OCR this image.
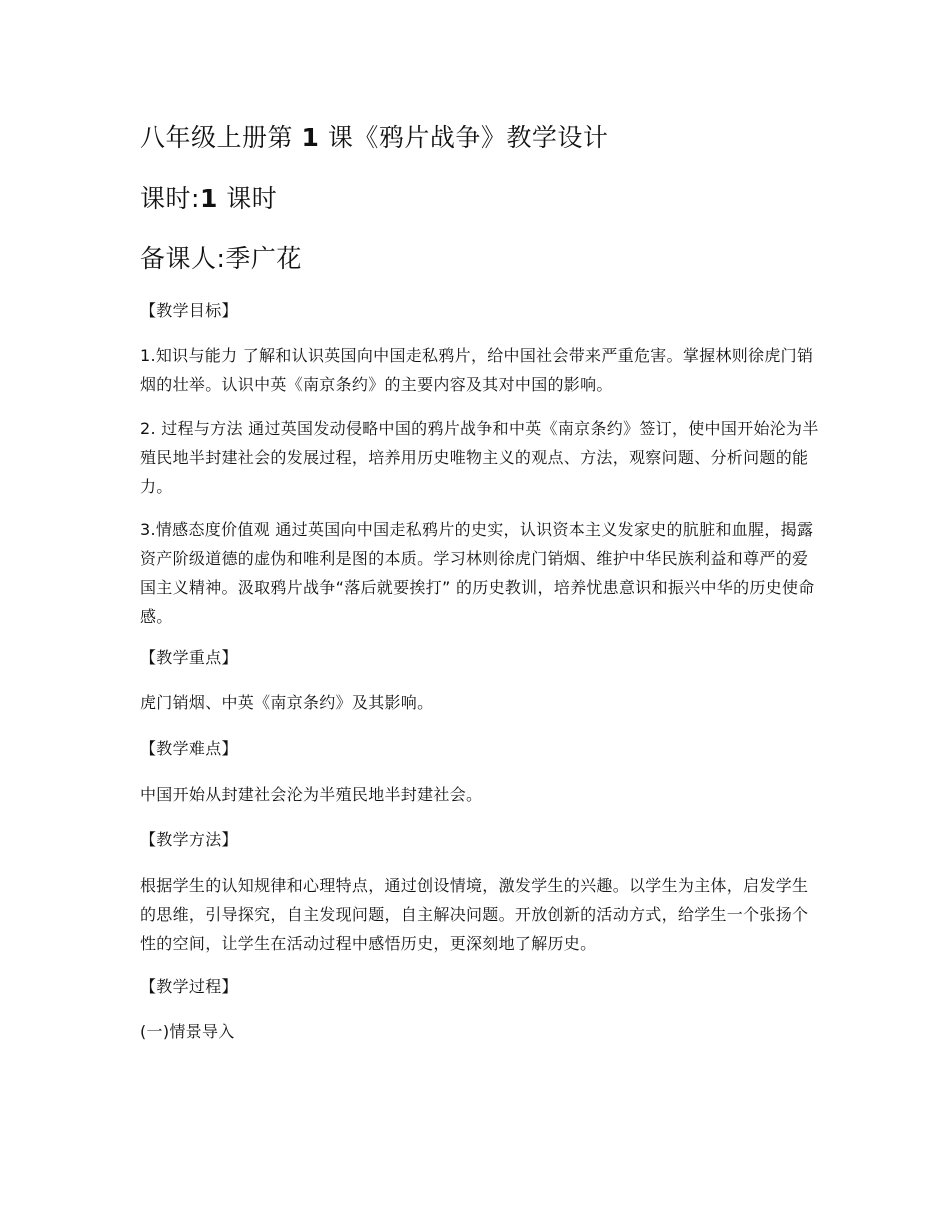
八年级上册第 1 课《鸦片战争》教学设计
课时:1 课时
备课人:季广花
【教学目标】
1.知识与能力 了解和认识英国向中国走私鸦片，给中国社会带来严重危害。掌握林则徐虎门销烟的壮举。认识中英《南京条约》的主要内容及其对中国的影响。
2. 过程与方法 通过英国发动侵略中国的鸦片战争和中英《南京条约》签订，使中国开始沦为半殖民地半封建社会的发展过程，培养用历史唯物主义的观点、方法，观察问题、分析问题的能力。
3.情感态度价值观 通过英国向中国走私鸦片的史实，认识资本主义发家史的肮脏和血腥，揭露资产阶级道德的虚伪和唯利是图的本质。学习林则徐虎门销烟、维护中华民族利益和尊严的爱国主义精神。汲取鸦片战争“落后就要挨打” 的历史教训，培养忧患意识和振兴中华的历史使命感。
【教学重点】
虎门销烟、中英《南京条约》及其影响。
【教学难点】
中国开始从封建社会沦为半殖民地半封建社会。
【教学方法】
根据学生的认知规律和心理特点，通过创设情境，激发学生的兴趣。以学生为主体，启发学生的思维，引导探究，自主发现问题，自主解决问题。开放创新的活动方式，给学生一个张扬个性的空间，让学生在活动过程中感悟历史，更深刻地了解历史。
【教学过程】
(一)情景导入
